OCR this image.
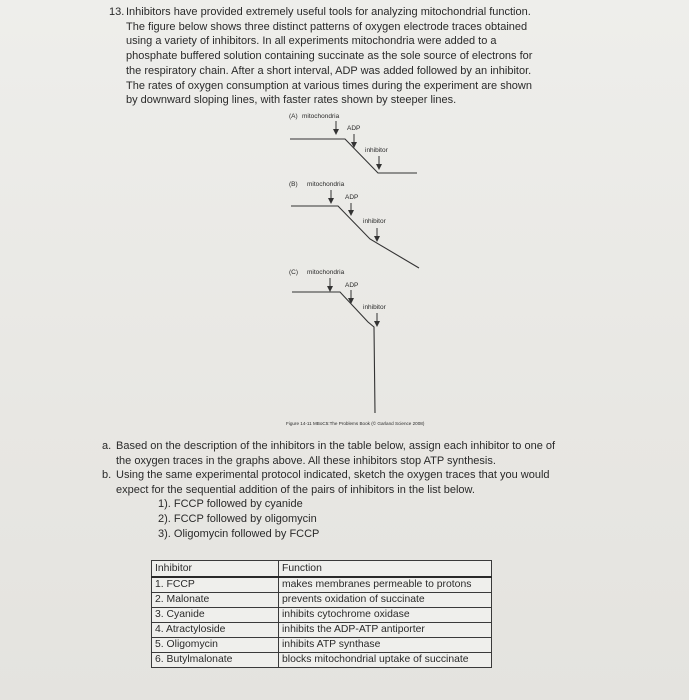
13. Inhibitors have provided extremely useful tools for analyzing mitochondrial function.
The figure below shows three distinct patterns of oxygen electrode traces obtained
using a variety of inhibitors. In all experiments mitochondria were added to a
phosphate buffered solution containing succinate as the sole source of electrons for
the respiratory chain. After a short interval, ADP was added followed by an inhibitor.
The rates of oxygen consumption at various times during the experiment are shown
by downward sloping lines, with faster rates shown by steeper lines.
(A) mitochondria
ADP
inhibitor
(B) mitochondria
ADP
inhibitor
(C) mitochondria
ADP
inhibitor
Figure 14-11 MBoC5:The Problems Book (© Garland Science 2008)
a. Based on the description of the inhibitors in the table below, assign each inhibitor to one of
the oxygen traces in the graphs above. All these inhibitors stop ATP synthesis.
b. Using the same experimental protocol indicated, sketch the oxygen traces that you would
expect for the sequential addition of the pairs of inhibitors in the list below.
1). FCCP followed by cyanide
2). FCCP followed by oligomycin
3). Oligomycin followed by FCCP
Inhibitor	Function
1. FCCP	makes membranes permeable to protons
2. Malonate	prevents oxidation of succinate
3. Cyanide	inhibits cytochrome oxidase
4. Atractyloside	inhibits the ADP-ATP antiporter
5. Oligomycin	inhibits ATP synthase
6. Butylmalonate	blocks mitochondrial uptake of succinate
